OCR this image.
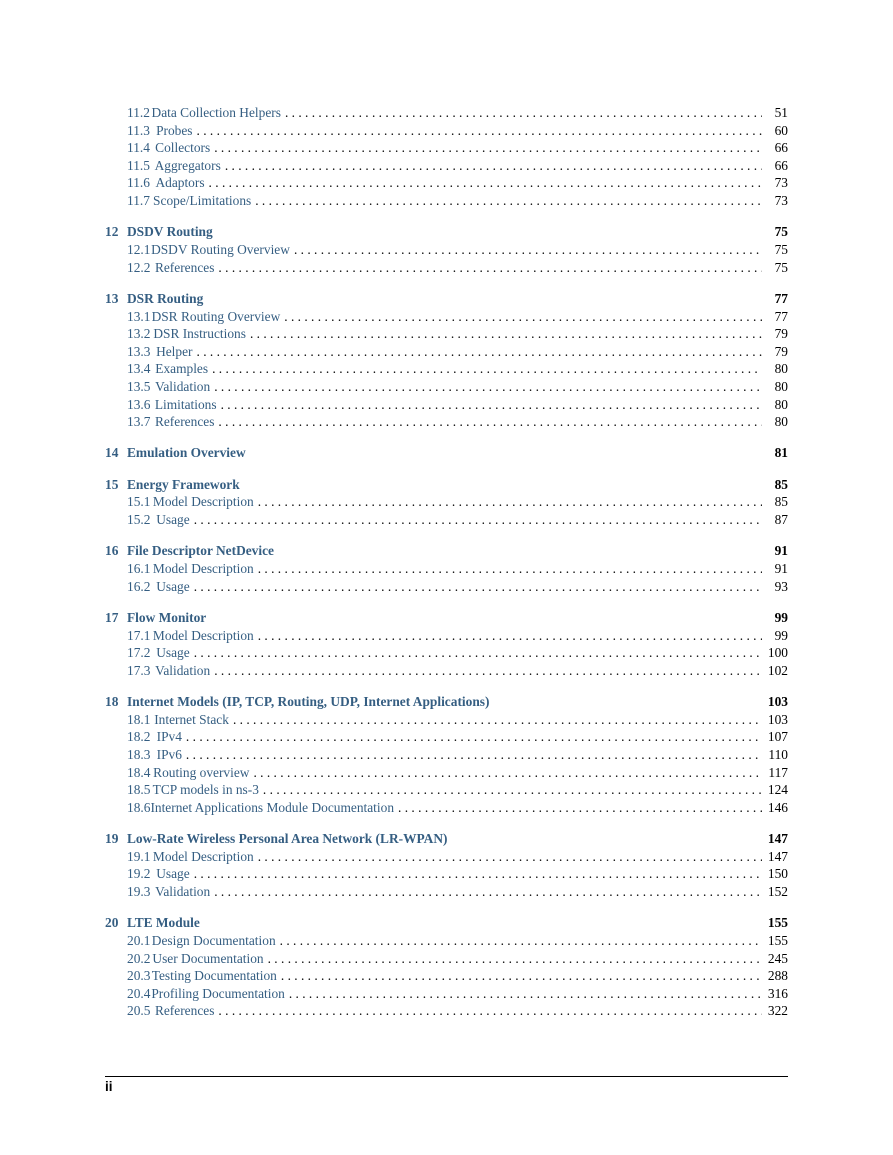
11.2 Data Collection Helpers . . .	51
11.3 Probes . . .	60
11.4 Collectors . . .	66
11.5 Aggregators . . .	66
11.6 Adaptors . . .	73
11.7 Scope/Limitations . . .	73
12 DSDV Routing	75
12.1 DSDV Routing Overview . . .	75
12.2 References . . .	75
13 DSR Routing	77
13.1 DSR Routing Overview . . .	77
13.2 DSR Instructions . . .	79
13.3 Helper . . .	79
13.4 Examples . . .	80
13.5 Validation . . .	80
13.6 Limitations . . .	80
13.7 References . . .	80
14 Emulation Overview	81
15 Energy Framework	85
15.1 Model Description . . .	85
15.2 Usage . . .	87
16 File Descriptor NetDevice	91
16.1 Model Description . . .	91
16.2 Usage . . .	93
17 Flow Monitor	99
17.1 Model Description . . .	99
17.2 Usage . . .	100
17.3 Validation . . .	102
18 Internet Models (IP, TCP, Routing, UDP, Internet Applications)	103
18.1 Internet Stack . . .	103
18.2 IPv4 . . .	107
18.3 IPv6 . . .	110
18.4 Routing overview . . .	117
18.5 TCP models in ns-3 . . .	124
18.6 Internet Applications Module Documentation . . .	146
19 Low-Rate Wireless Personal Area Network (LR-WPAN)	147
19.1 Model Description . . .	147
19.2 Usage . . .	150
19.3 Validation . . .	152
20 LTE Module	155
20.1 Design Documentation . . .	155
20.2 User Documentation . . .	245
20.3 Testing Documentation . . .	288
20.4 Profiling Documentation . . .	316
20.5 References . . .	322
ii
